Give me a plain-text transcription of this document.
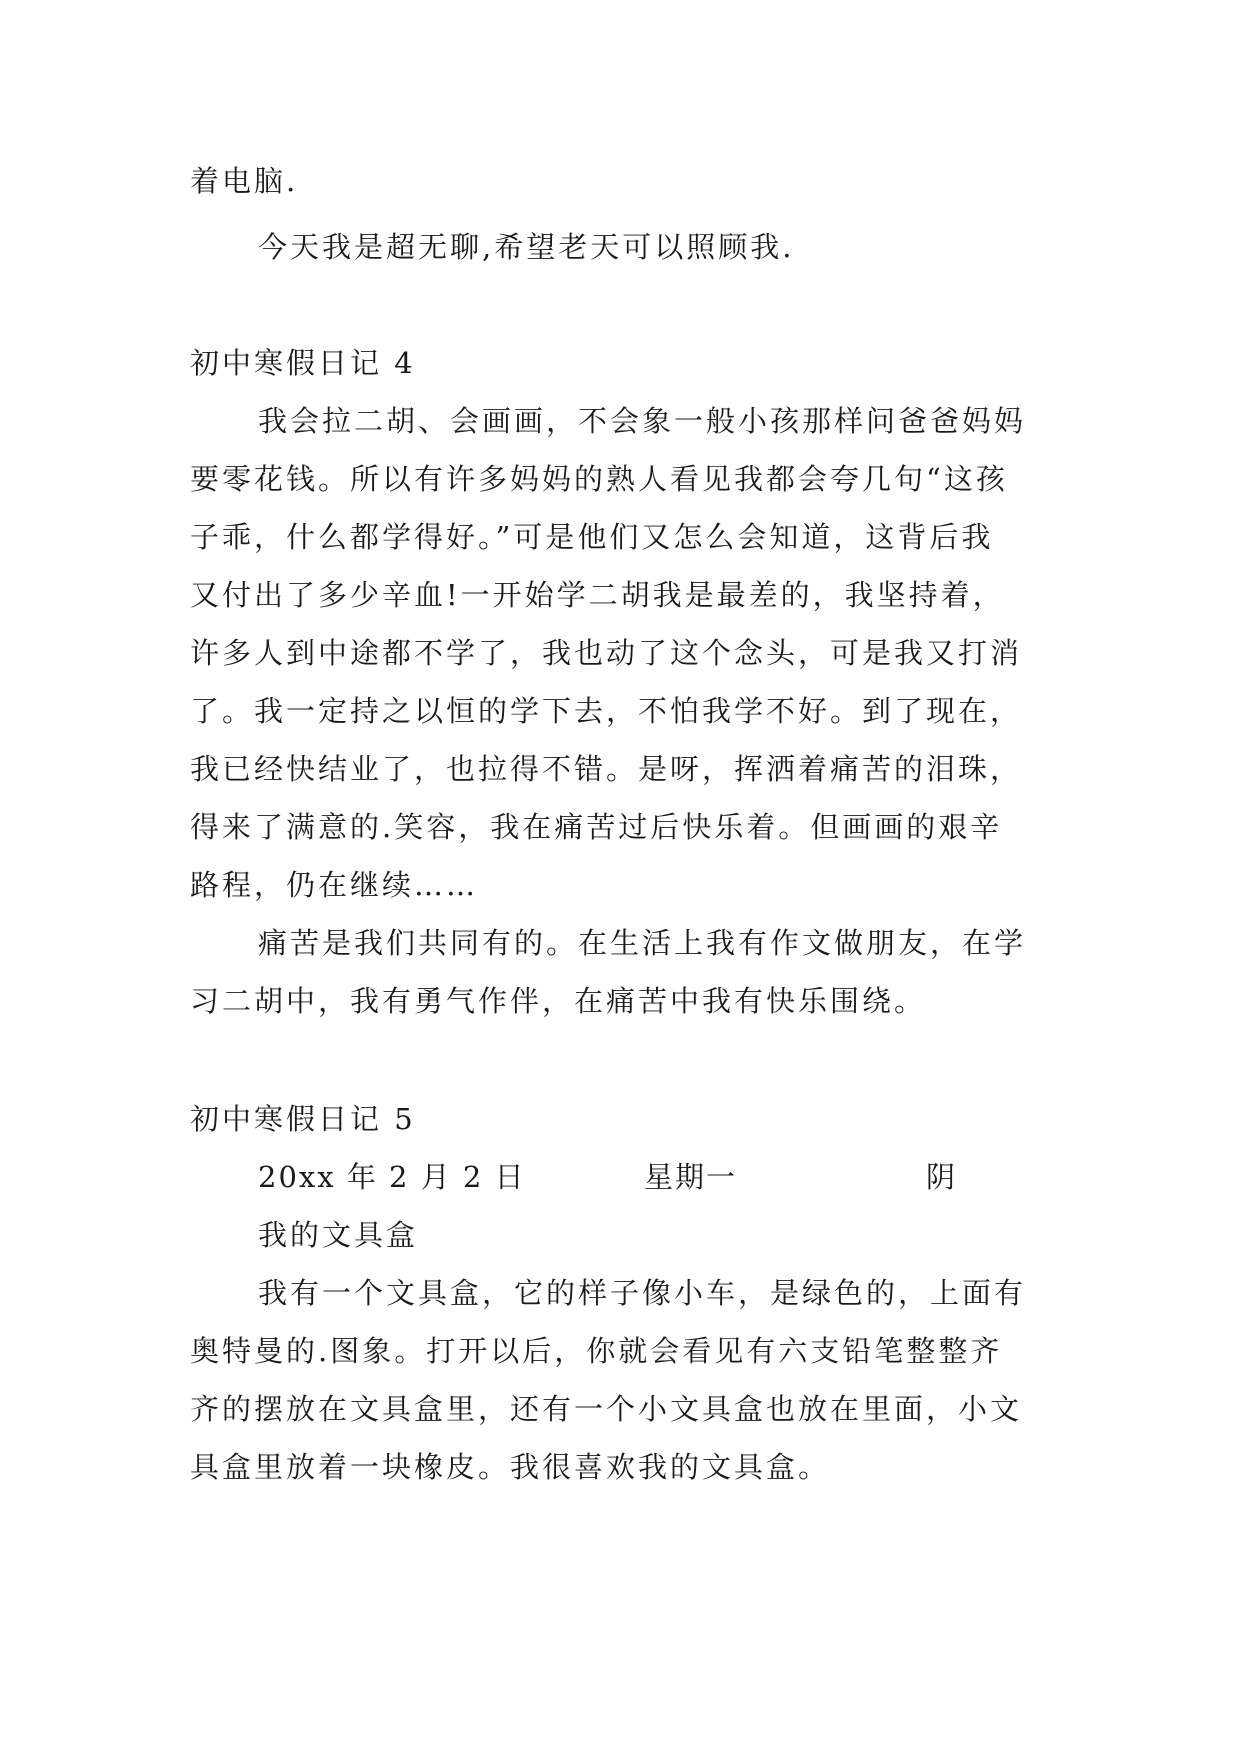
着电脑.
今天我是超无聊,希望老天可以照顾我.
初中寒假日记 4
我会拉二胡、会画画，不会象一般小孩那样问爸爸妈妈
要零花钱。所以有许多妈妈的熟人看见我都会夸几句“这孩
子乖，什么都学得好。”可是他们又怎么会知道，这背后我
又付出了多少辛血!一开始学二胡我是最差的，我坚持着，
许多人到中途都不学了，我也动了这个念头，可是我又打消
了。我一定持之以恒的学下去，不怕我学不好。到了现在，
我已经快结业了，也拉得不错。是呀，挥洒着痛苦的泪珠，
得来了满意的.笑容，我在痛苦过后快乐着。但画画的艰辛
路程，仍在继续……
痛苦是我们共同有的。在生活上我有作文做朋友，在学
习二胡中，我有勇气作伴，在痛苦中我有快乐围绕。
初中寒假日记 5
20xx 年 2 月 2 日	星期一	阴
我的文具盒
我有一个文具盒，它的样子像小车，是绿色的，上面有
奥特曼的.图象。打开以后，你就会看见有六支铅笔整整齐
齐的摆放在文具盒里，还有一个小文具盒也放在里面，小文
具盒里放着一块橡皮。我很喜欢我的文具盒。
